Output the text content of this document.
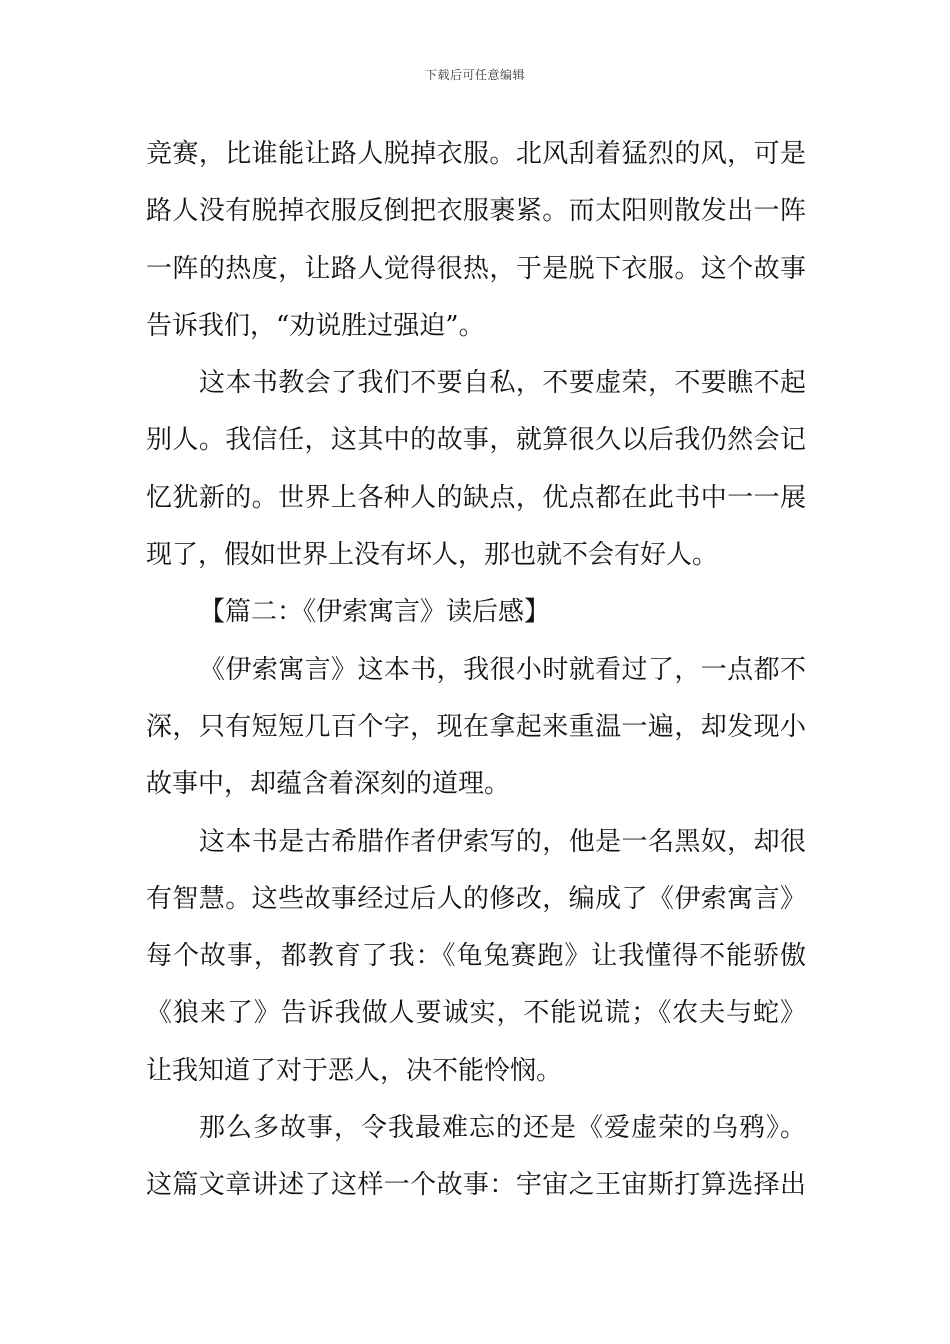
下载后可任意编辑
竞赛，比谁能让路人脱掉衣服。北风刮着猛烈的风，可是
路人没有脱掉衣服反倒把衣服裹紧。而太阳则散发出一阵
一阵的热度，让路人觉得很热，于是脱下衣服。这个故事
告诉我们，“劝说胜过强迫”。
这本书教会了我们不要自私，不要虚荣，不要瞧不起
别人。我信任，这其中的故事，就算很久以后我仍然会记
忆犹新的。世界上各种人的缺点，优点都在此书中一一展
现了，假如世界上没有坏人，那也就不会有好人。
【篇二：《伊索寓言》读后感】
《伊索寓言》这本书，我很小时就看过了，一点都不
深，只有短短几百个字，现在拿起来重温一遍，却发现小
故事中，却蕴含着深刻的道理。
这本书是古希腊作者伊索写的，他是一名黑奴，却很
有智慧。这些故事经过后人的修改，编成了《伊索寓言》
每个故事，都教育了我：《龟兔赛跑》让我懂得不能骄傲
《狼来了》告诉我做人要诚实，不能说谎；《农夫与蛇》
让我知道了对于恶人，决不能怜悯。
那么多故事，令我最难忘的还是《爱虚荣的乌鸦》。
这篇文章讲述了这样一个故事：宇宙之王宙斯打算选择出
